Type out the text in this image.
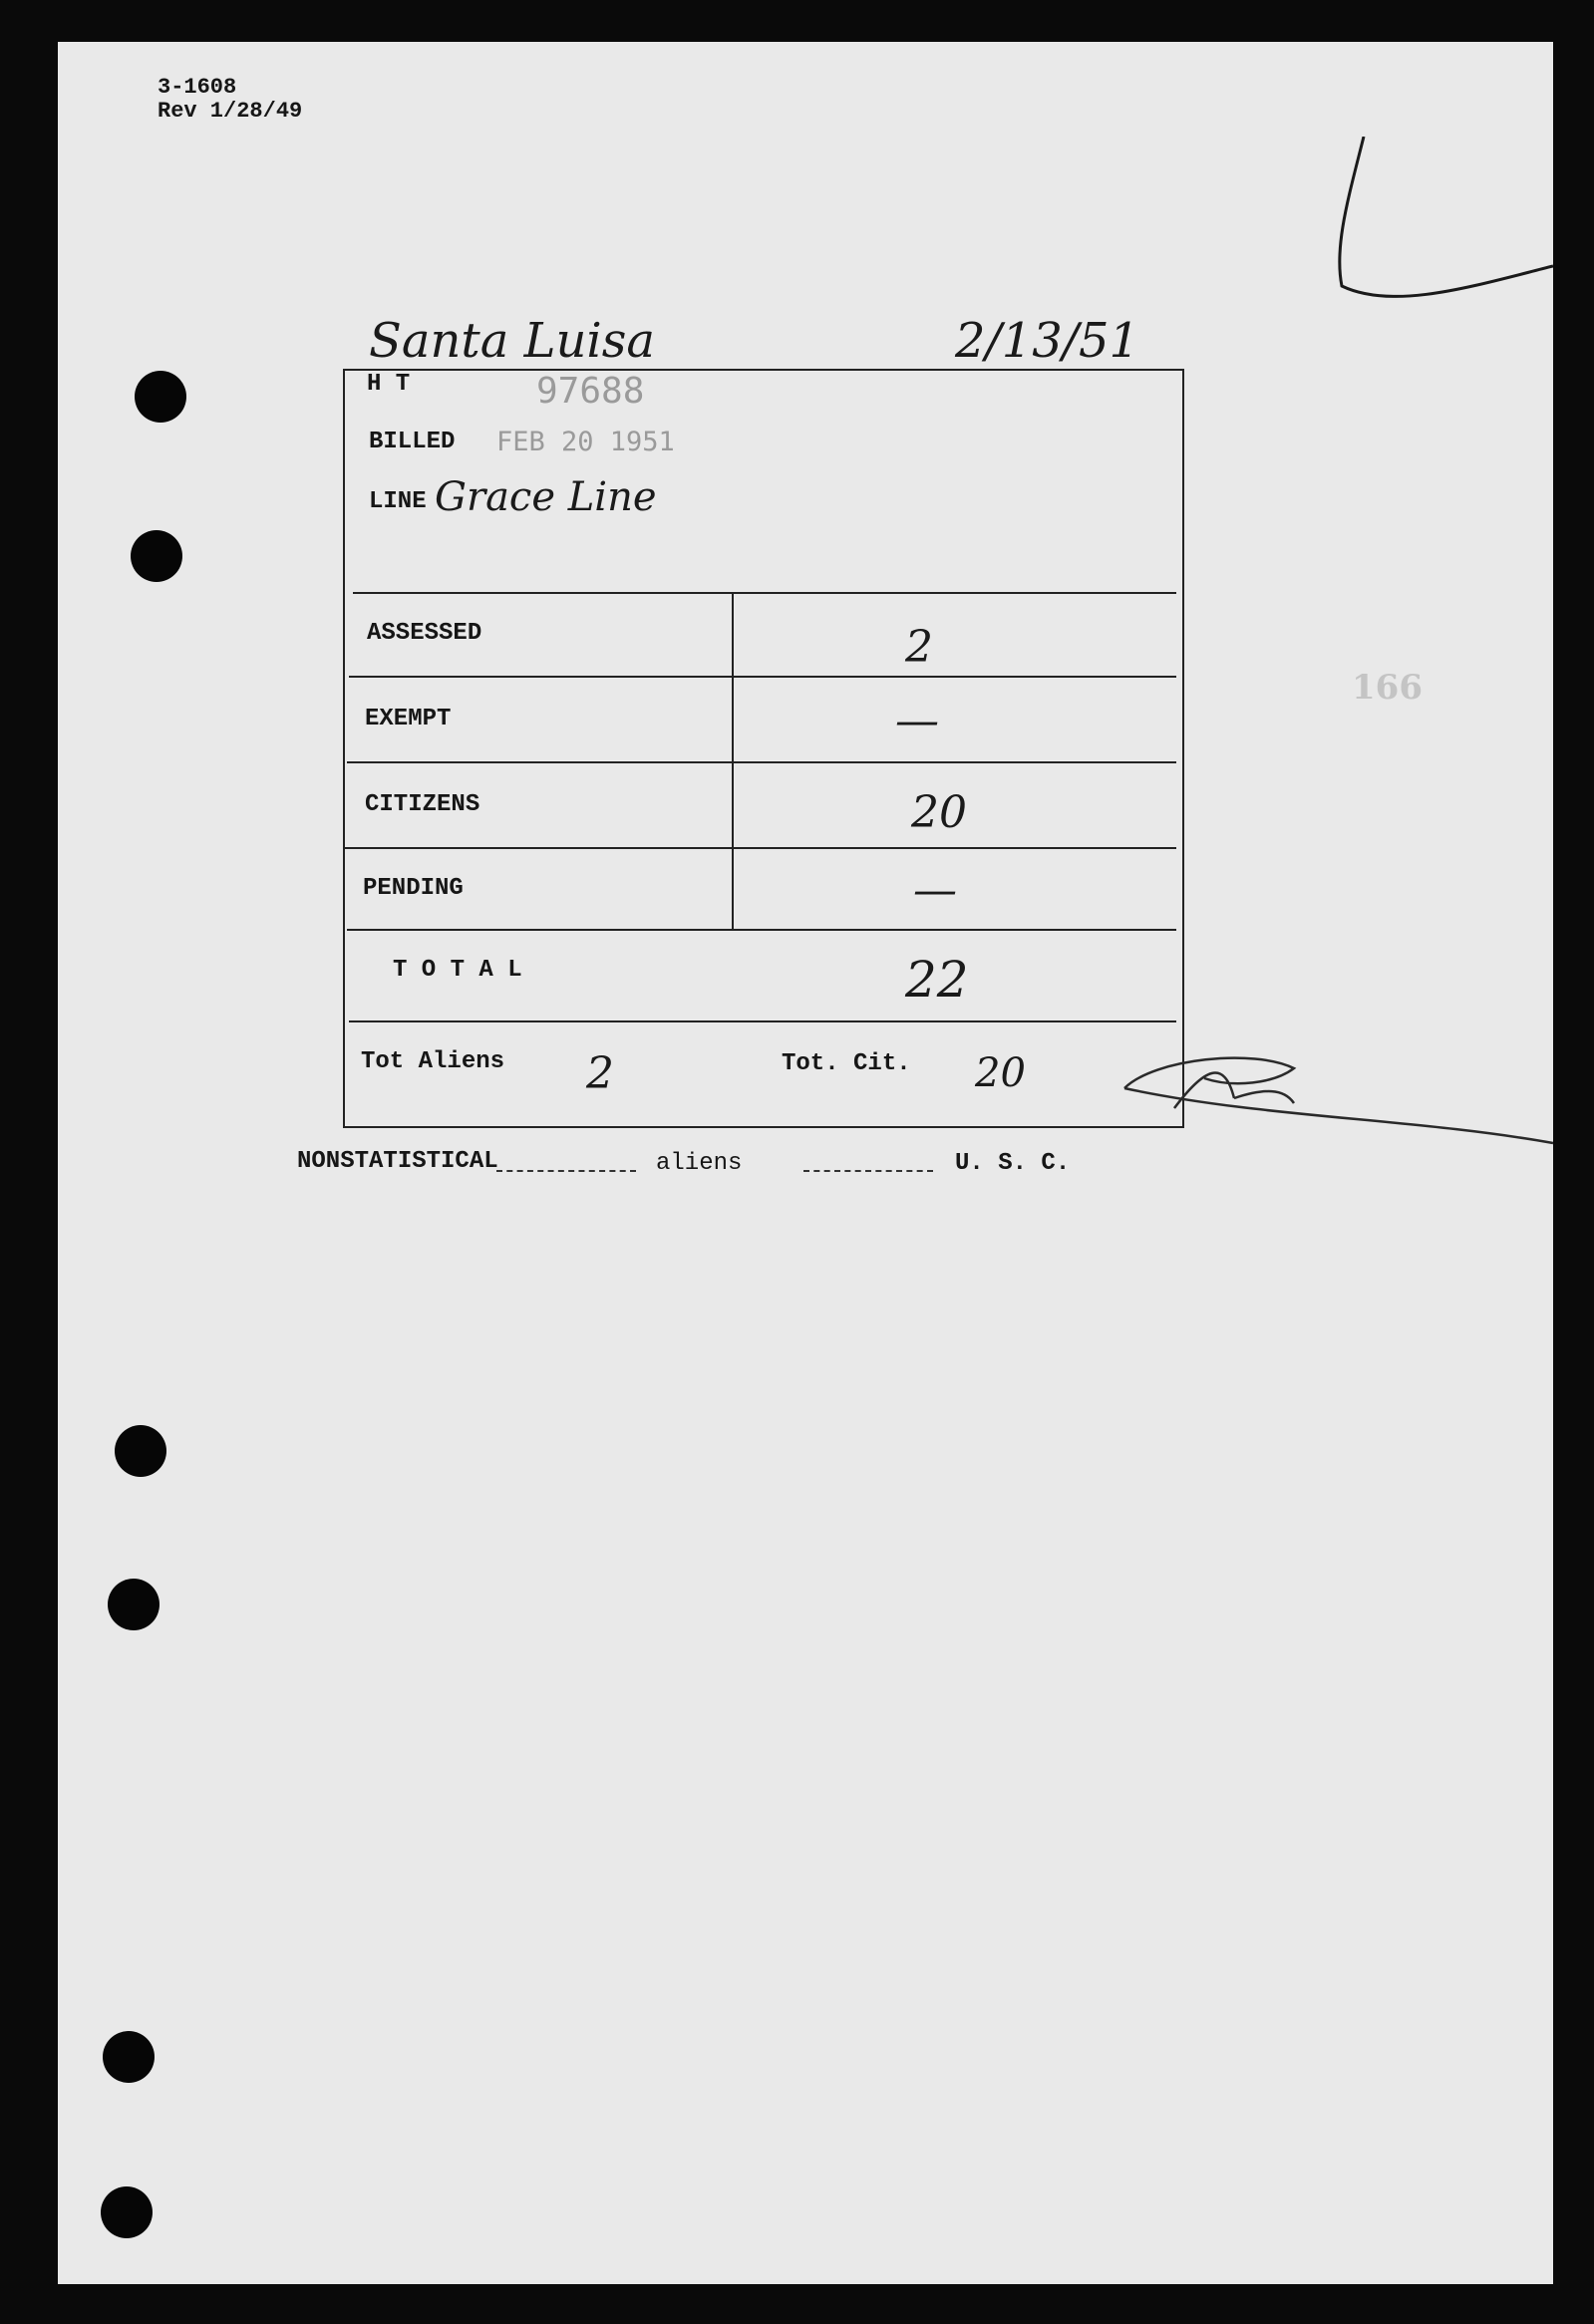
3-1608
Rev 1/28/49
Santa Luisa	2/13/51
H T	97688
BILLED FEB 20 1951
LINE Grace Line
ASSESSED	2
EXEMPT	—
CITIZENS	20
PENDING	—
T O T A L	22
Tot Aliens 2	Tot. Cit. 20
NONSTATISTICAL	aliens	U. S. C.
166
